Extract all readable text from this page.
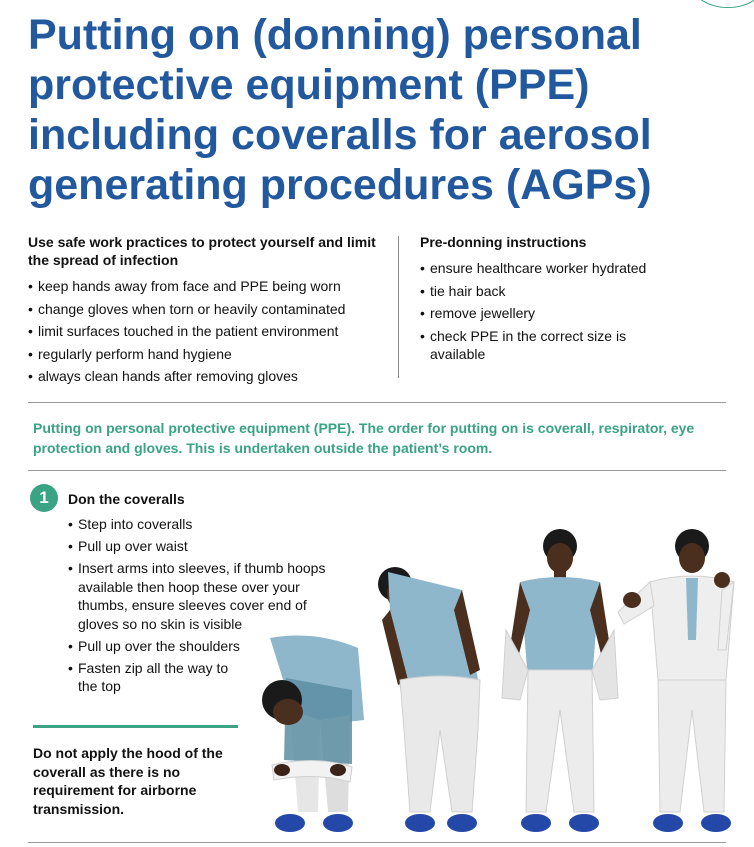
Putting on (donning) personal protective equipment (PPE) including coveralls for aerosol generating procedures (AGPs)
Use safe work practices to protect yourself and limit the spread of infection
• keep hands away from face and PPE being worn
• change gloves when torn or heavily contaminated
• limit surfaces touched in the patient environment
• regularly perform hand hygiene
• always clean hands after removing gloves
Pre-donning instructions
• ensure healthcare worker hydrated
• tie hair back
• remove jewellery
• check PPE in the correct size is available

Putting on personal protective equipment (PPE). The order for putting on is coverall, respirator, eye protection and gloves. This is undertaken outside the patient’s room.

1	Don the coveralls
• Step into coveralls
• Pull up over waist
• Insert arms into sleeves, if thumb hoops available then hoop these over your thumbs, ensure sleeves cover end of gloves so no skin is visible
• Pull up over the shoulders
• Fasten zip all the way to the top

Do not apply the hood of the coverall as there is no requirement for airborne transmission.
